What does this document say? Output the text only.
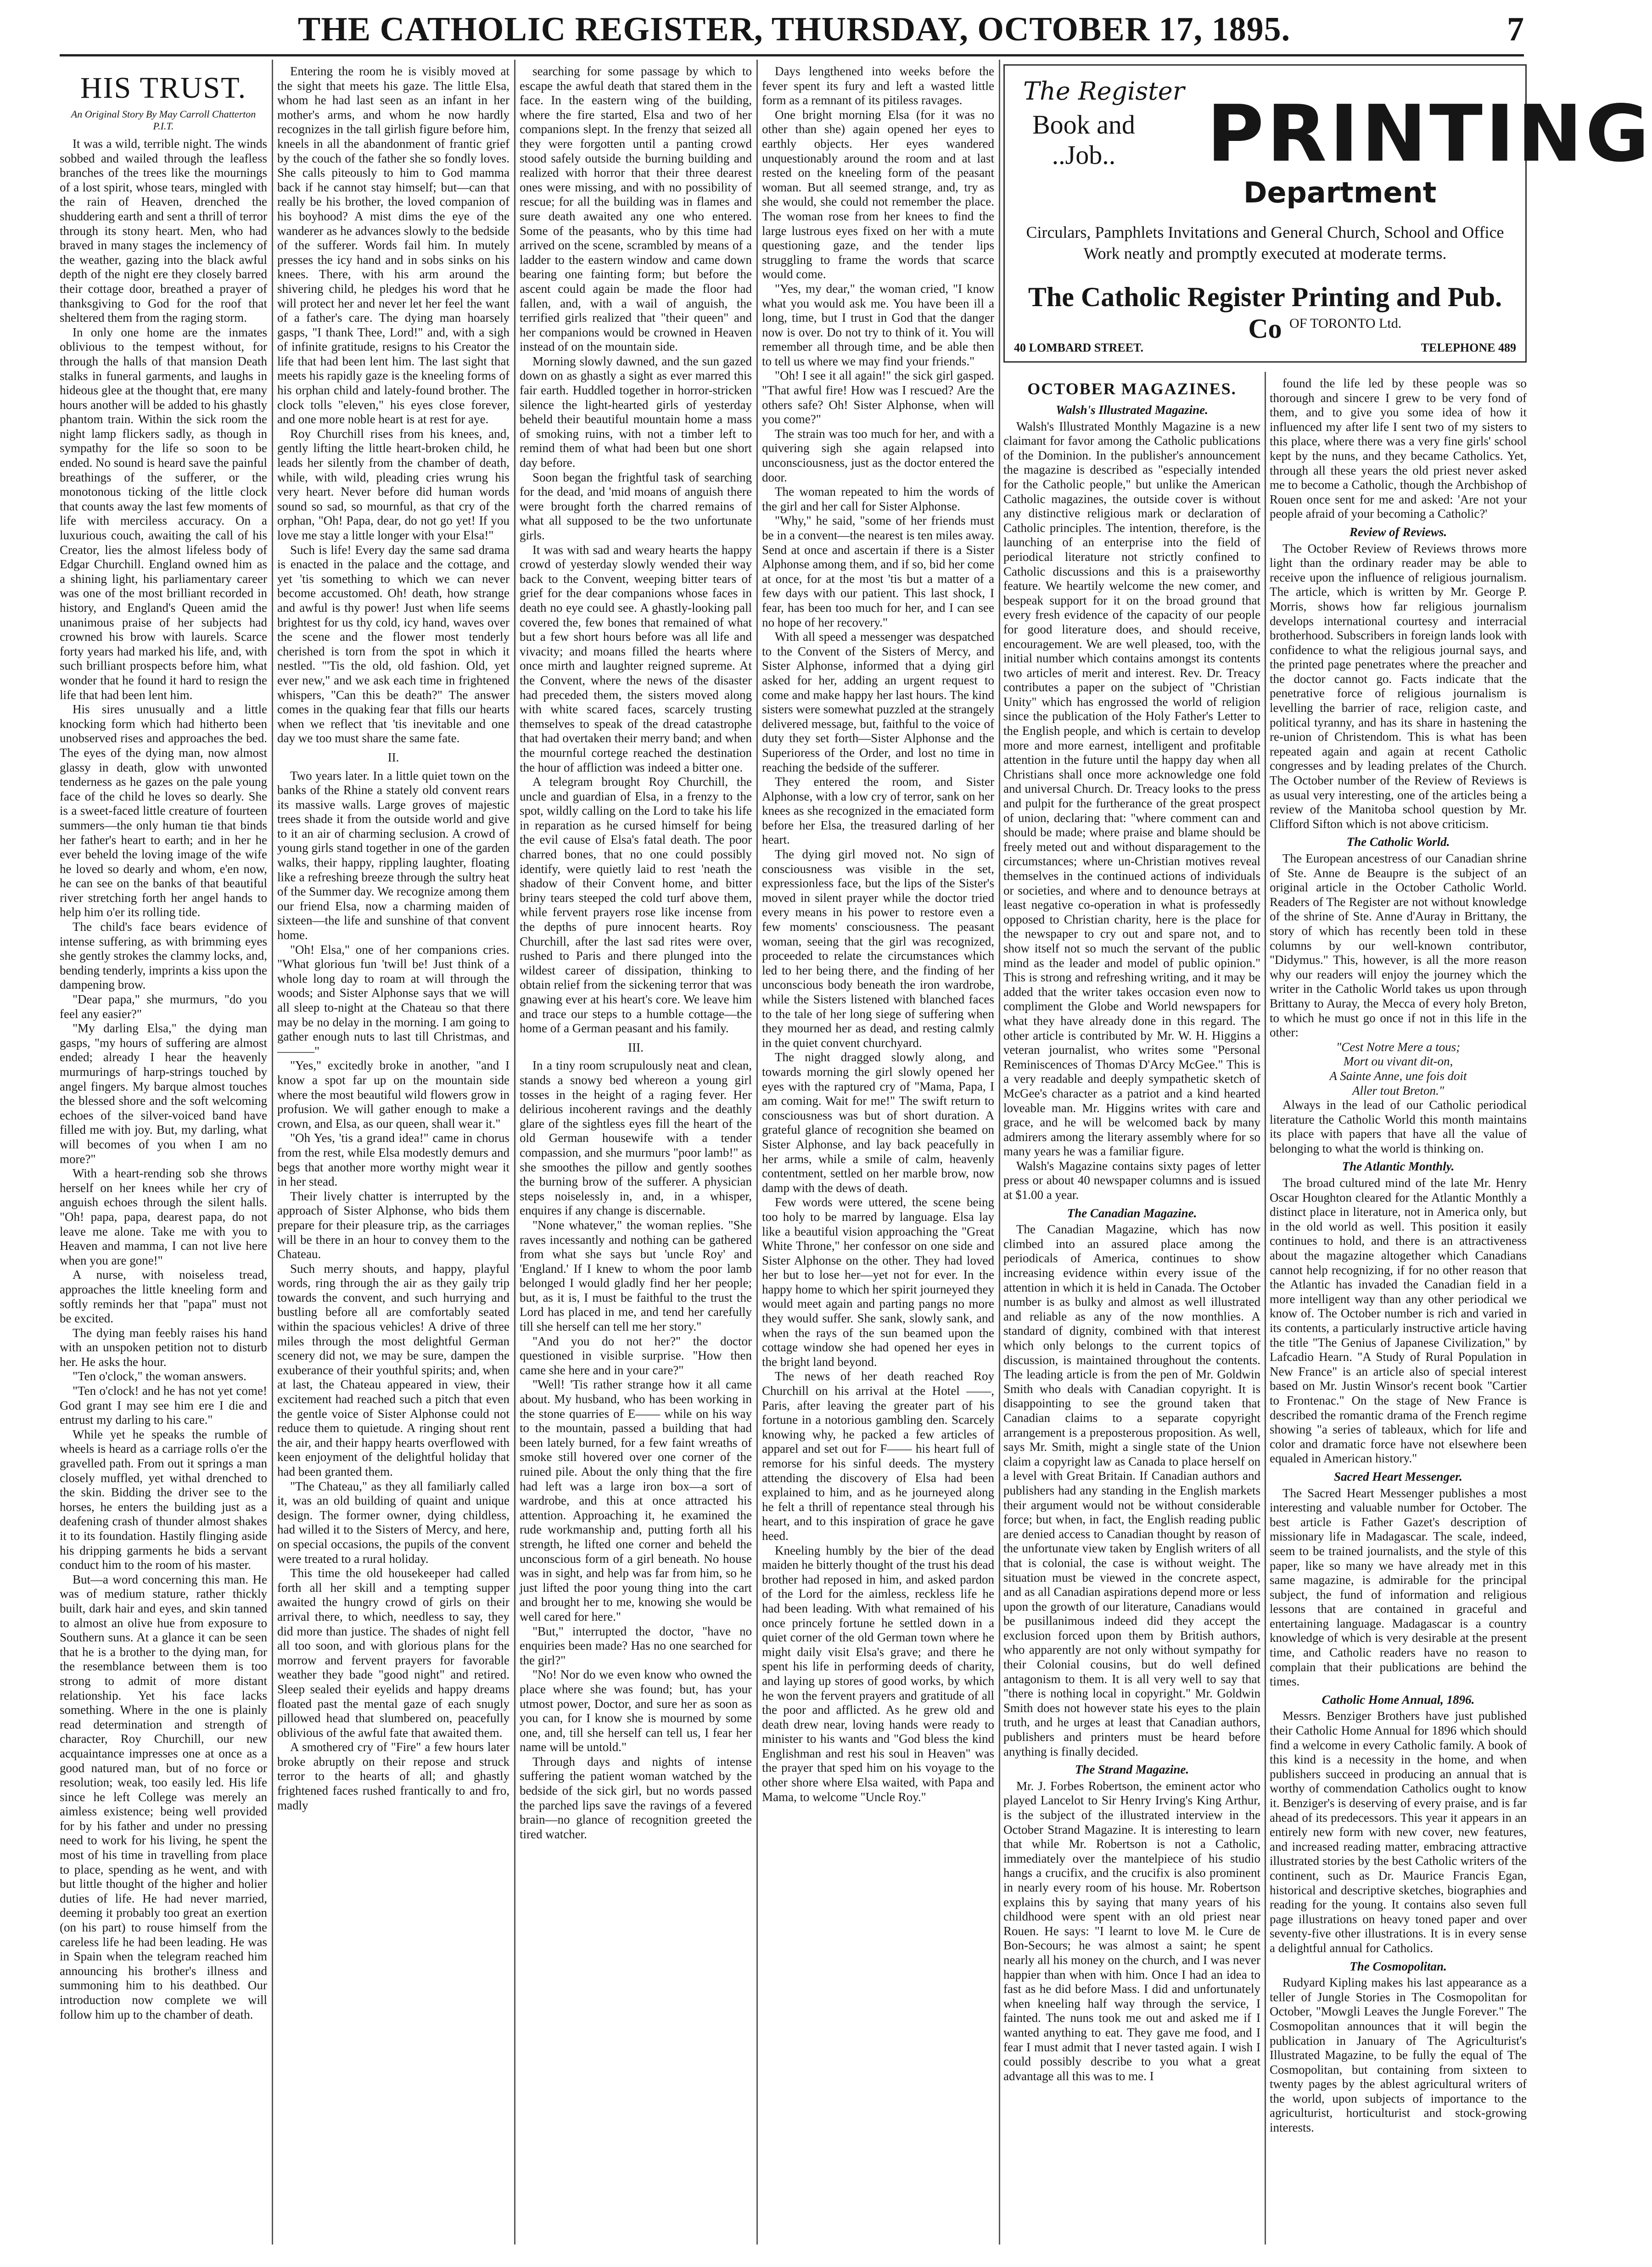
THE CATHOLIC REGISTER, THURSDAY, OCTOBER 17, 1895.	7
HIS TRUST.
An Original Story By May Carroll Chatterton P.I.T.

It was a wild, terrible night. The winds sobbed and wailed through the leafless branches of the trees like the mournings of a lost spirit, whose tears, mingled with the rain of Heaven, drenched the shuddering earth and sent a thrill of terror through its stony heart. Men, who had braved in many stages the inclemency of the weather, gazing into the black awful depth of the night ere they closely barred their cottage door, breathed a prayer of thanksgiving to God for the roof that sheltered them from the raging storm.

In only one home are the inmates oblivious to the tempest without, for through the halls of that mansion Death stalks in funeral garments, and laughs in hideous glee at the thought that, ere many hours another will be added to his ghastly phantom train. Within the sick room the night lamp flickers sadly, as though in sympathy for the life so soon to be ended. No sound is heard save the painful breathings of the sufferer, or the monotonous ticking of the little clock that counts away the last few moments of life with merciless accuracy. On a luxurious couch, awaiting the call of his Creator, lies the almost lifeless body of Edgar Churchill. England owned him as a shining light, his parliamentary career was one of the most brilliant recorded in history, and England's Queen amid the unanimous praise of her subjects had crowned his brow with laurels. Scarce forty years had marked his life, and, with such brilliant prospects before him, what wonder that he found it hard to resign the life that had been lent him.

His sires unusually and a little knocking form which had hitherto been unobserved rises and approaches the bed. The eyes of the dying man, now almost glassy in death, glow with unwonted tenderness as he gazes on the pale young face of the child he loves so dearly. She is a sweet-faced little creature of fourteen summers—the only human tie that binds her father's heart to earth; and in her he ever beheld the loving image of the wife he loved so dearly and whom, e'en now, he can see on the banks of that beautiful river stretching forth her angel hands to help him o'er its rolling tide.

The child's face bears evidence of intense suffering, as with brimming eyes she gently strokes the clammy locks, and, bending tenderly, imprints a kiss upon the dampening brow.

"Dear papa," she murmurs, "do you feel any easier?"

"My darling Elsa," the dying man gasps, "my hours of suffering are almost ended; already I hear the heavenly murmurings of harp-strings touched by angel fingers. My barque almost touches the blessed shore and the soft welcoming echoes of the silver-voiced band have filled me with joy. But, my darling, what will becomes of you when I am no more?"

With a heart-rending sob she throws herself on her knees while her cry of anguish echoes through the silent halls. "Oh! papa, papa, dearest papa, do not leave me alone. Take me with you to Heaven and mamma, I can not live here when you are gone!"

A nurse, with noiseless tread, approaches the little kneeling form and softly reminds her that "papa" must not be excited.

The dying man feebly raises his hand with an unspoken petition not to disturb her. He asks the hour.

"Ten o'clock," the woman answers.

"Ten o'clock! and he has not yet come! God grant I may see him ere I die and entrust my darling to his care."

While yet he speaks the rumble of wheels is heard as a carriage rolls o'er the gravelled path. From out it springs a man closely muffled, yet withal drenched to the skin. Bidding the driver see to the horses, he enters the building just as a deafening crash of thunder almost shakes it to its foundation. Hastily flinging aside his dripping garments he bids a servant conduct him to the room of his master.

But—a word concerning this man. He was of medium stature, rather thickly built, dark hair and eyes, and skin tanned to almost an olive hue from exposure to Southern suns. At a glance it can be seen that he is a brother to the dying man, for the resemblance between them is too strong to admit of more distant relationship. Yet his face lacks something. Where in the one is plainly read determination and strength of character, Roy Churchill, our new acquaintance impresses one at once as a good natured man, but of no force or resolution; weak, too easily led. His life since he left College was merely an aimless existence; being well provided for by his father and under no pressing need to work for his living, he spent the most of his time in travelling from place to place, spending as he went, and with but little thought of the higher and holier duties of life. He had never married, deeming it probably too great an exertion (on his part) to rouse himself from the careless life he had been leading. He was in Spain when the telegram reached him announcing his brother's illness and summoning him to his deathbed. Our introduction now complete we will follow him up to the chamber of death.

Entering the room he is visibly moved at the sight that meets his gaze. The little Elsa, whom he had last seen as an infant in her mother's arms, and whom he now hardly recognizes in the tall girlish figure before him, kneels in all the abandonment of frantic grief by the couch of the father she so fondly loves. She calls piteously to him to God mamma back if he cannot stay himself; but—can that really be his brother, the loved companion of his boyhood? A mist dims the eye of the wanderer as he advances slowly to the bedside of the sufferer. Words fail him. In mutely presses the icy hand and in sobs sinks on his knees. There, with his arm around the shivering child, he pledges his word that he will protect her and never let her feel the want of a father's care. The dying man hoarsely gasps, "I thank Thee, Lord!" and, with a sigh of infinite gratitude, resigns to his Creator the life that had been lent him. The last sight that meets his rapidly gaze is the kneeling forms of his orphan child and lately-found brother. The clock tolls "eleven," his eyes close forever, and one more noble heart is at rest for aye.

Roy Churchill rises from his knees, and, gently lifting the little heart-broken child, he leads her silently from the chamber of death, while, with wild, pleading cries wrung his very heart. Never before did human words sound so sad, so mournful, as that cry of the orphan, "Oh! Papa, dear, do not go yet! If you love me stay a little longer with your Elsa!"

Such is life! Every day the same sad drama is enacted in the palace and the cottage, and yet 'tis something to which we can never become accustomed. Oh! death, how strange and awful is thy power! Just when life seems brightest for us thy cold, icy hand, waves over the scene and the flower most tenderly cherished is torn from the spot in which it nestled. "'Tis the old, old fashion. Old, yet ever new," and we ask each time in frightened whispers, "Can this be death?" The answer comes in the quaking fear that fills our hearts when we reflect that 'tis inevitable and one day we too must share the same fate.

II.

Two years later. In a little quiet town on the banks of the Rhine a stately old convent rears its massive walls. Large groves of majestic trees shade it from the outside world and give to it an air of charming seclusion. A crowd of young girls stand together in one of the garden walks, their happy, rippling laughter, floating like a refreshing breeze through the sultry heat of the Summer day. We recognize among them our friend Elsa, now a charming maiden of sixteen—the life and sunshine of that convent home.

"Oh! Elsa," one of her companions cries. "What glorious fun 'twill be! Just think of a whole long day to roam at will through the woods; and Sister Alphonse says that we will all sleep to-night at the Chateau so that there may be no delay in the morning. I am going to gather enough nuts to last till Christmas, and ———"

"Yes," excitedly broke in another, "and I know a spot far up on the mountain side where the most beautiful wild flowers grow in profusion. We will gather enough to make a crown, and Elsa, as our queen, shall wear it."

"Oh Yes, 'tis a grand idea!" came in chorus from the rest, while Elsa modestly demurs and begs that another more worthy might wear it in her stead.

Their lively chatter is interrupted by the approach of Sister Alphonse, who bids them prepare for their pleasure trip, as the carriages will be there in an hour to convey them to the Chateau.

Such merry shouts, and happy, playful words, ring through the air as they gaily trip towards the convent, and such hurrying and bustling before all are comfortably seated within the spacious vehicles! A drive of three miles through the most delightful German scenery did not, we may be sure, dampen the exuberance of their youthful spirits; and, when at last, the Chateau appeared in view, their excitement had reached such a pitch that even the gentle voice of Sister Alphonse could not reduce them to quietude. A ringing shout rent the air, and their happy hearts overflowed with keen enjoyment of the delightful holiday that had been granted them.

"The Chateau," as they all familiarly called it, was an old building of quaint and unique design. The former owner, dying childless, had willed it to the Sisters of Mercy, and here, on special occasions, the pupils of the convent were treated to a rural holiday.

This time the old housekeeper had called forth all her skill and a tempting supper awaited the hungry crowd of girls on their arrival there, to which, needless to say, they did more than justice. The shades of night fell all too soon, and with glorious plans for the morrow and fervent prayers for favorable weather they bade "good night" and retired. Sleep sealed their eyelids and happy dreams floated past the mental gaze of each snugly pillowed head that slumbered on, peacefully oblivious of the awful fate that awaited them.

A smothered cry of "Fire" a few hours later broke abruptly on their repose and struck terror to the hearts of all; and ghastly frightened faces rushed frantically to and fro, madly

searching for some passage by which to escape the awful death that stared them in the face. In the eastern wing of the building, where the fire started, Elsa and two of her companions slept. In the frenzy that seized all they were forgotten until a panting crowd stood safely outside the burning building and realized with horror that their three dearest ones were missing, and with no possibility of rescue; for all the building was in flames and sure death awaited any one who entered. Some of the peasants, who by this time had arrived on the scene, scrambled by means of a ladder to the eastern window and came down bearing one fainting form; but before the ascent could again be made the floor had fallen, and, with a wail of anguish, the terrified girls realized that "their queen" and her companions would be crowned in Heaven instead of on the mountain side.

Morning slowly dawned, and the sun gazed down on as ghastly a sight as ever marred this fair earth. Huddled together in horror-stricken silence the light-hearted girls of yesterday beheld their beautiful mountain home a mass of smoking ruins, with not a timber left to remind them of what had been but one short day before.

Soon began the frightful task of searching for the dead, and 'mid moans of anguish there were brought forth the charred remains of what all supposed to be the two unfortunate girls.

It was with sad and weary hearts the happy crowd of yesterday slowly wended their way back to the Convent, weeping bitter tears of grief for the dear companions whose faces in death no eye could see. A ghastly-looking pall covered the, few bones that remained of what but a few short hours before was all life and vivacity; and moans filled the hearts where once mirth and laughter reigned supreme. At the Convent, where the news of the disaster had preceded them, the sisters moved along with white scared faces, scarcely trusting themselves to speak of the dread catastrophe that had overtaken their merry band; and when the mournful cortege reached the destination the hour of affliction was indeed a bitter one.

A telegram brought Roy Churchill, the uncle and guardian of Elsa, in a frenzy to the spot, wildly calling on the Lord to take his life in reparation as he cursed himself for being the evil cause of Elsa's fatal death. The poor charred bones, that no one could possibly identify, were quietly laid to rest 'neath the shadow of their Convent home, and bitter briny tears steeped the cold turf above them, while fervent prayers rose like incense from the depths of pure innocent hearts. Roy Churchill, after the last sad rites were over, rushed to Paris and there plunged into the wildest career of dissipation, thinking to obtain relief from the sickening terror that was gnawing ever at his heart's core. We leave him and trace our steps to a humble cottage—the home of a German peasant and his family.

III.

In a tiny room scrupulously neat and clean, stands a snowy bed whereon a young girl tosses in the height of a raging fever. Her delirious incoherent ravings and the deathly glare of the sightless eyes fill the heart of the old German housewife with a tender compassion, and she murmurs "poor lamb!" as she smoothes the pillow and gently soothes the burning brow of the sufferer. A physician steps noiselessly in, and, in a whisper, enquires if any change is discernable.

"None whatever," the woman replies. "She raves incessantly and nothing can be gathered from what she says but 'uncle Roy' and 'England.' If I knew to whom the poor lamb belonged I would gladly find her her people; but, as it is, I must be faithful to the trust the Lord has placed in me, and tend her carefully till she herself can tell me her story."

"And you do not her?" the doctor questioned in visible surprise. "How then came she here and in your care?"

"Well! 'Tis rather strange how it all came about. My husband, who has been working in the stone quarries of E—— while on his way to the mountain, passed a building that had been lately burned, for a few faint wreaths of smoke still hovered over one corner of the ruined pile. About the only thing that the fire had left was a large iron box—a sort of wardrobe, and this at once attracted his attention. Approaching it, he examined the rude workmanship and, putting forth all his strength, he lifted one corner and beheld the unconscious form of a girl beneath. No house was in sight, and help was far from him, so he just lifted the poor young thing into the cart and brought her to me, knowing she would be well cared for here."

"But," interrupted the doctor, "have no enquiries been made? Has no one searched for the girl?"

"No! Nor do we even know who owned the place where she was found; but, has your utmost power, Doctor, and sure her as soon as you can, for I know she is mourned by some one, and, till she herself can tell us, I fear her name will be untold."

Through days and nights of intense suffering the patient woman watched by the bedside of the sick girl, but no words passed the parched lips save the ravings of a fevered brain—no glance of recognition greeted the tired watcher.

Days lengthened into weeks before the fever spent its fury and left a wasted little form as a remnant of its pitiless ravages.

One bright morning Elsa (for it was no other than she) again opened her eyes to earthly objects. Her eyes wandered unquestionably around the room and at last rested on the kneeling form of the peasant woman. But all seemed strange, and, try as she would, she could not remember the place. The woman rose from her knees to find the large lustrous eyes fixed on her with a mute questioning gaze, and the tender lips struggling to frame the words that scarce would come.

"Yes, my dear," the woman cried, "I know what you would ask me. You have been ill a long, time, but I trust in God that the danger now is over. Do not try to think of it. You will remember all through time, and be able then to tell us where we may find your friends."

"Oh! I see it all again!" the sick girl gasped. "That awful fire! How was I rescued? Are the others safe? Oh! Sister Alphonse, when will you come?"

The strain was too much for her, and with a quivering sigh she again relapsed into unconsciousness, just as the doctor entered the door.

The woman repeated to him the words of the girl and her call for Sister Alphonse.

"Why," he said, "some of her friends must be in a convent—the nearest is ten miles away. Send at once and ascertain if there is a Sister Alphonse among them, and if so, bid her come at once, for at the most 'tis but a matter of a few days with our patient. This last shock, I fear, has been too much for her, and I can see no hope of her recovery."

With all speed a messenger was despatched to the Convent of the Sisters of Mercy, and Sister Alphonse, informed that a dying girl asked for her, adding an urgent request to come and make happy her last hours. The kind sisters were somewhat puzzled at the strangely delivered message, but, faithful to the voice of duty they set forth—Sister Alphonse and the Superioress of the Order, and lost no time in reaching the bedside of the sufferer.

They entered the room, and Sister Alphonse, with a low cry of terror, sank on her knees as she recognized in the emaciated form before her Elsa, the treasured darling of her heart.

The dying girl moved not. No sign of consciousness was visible in the set, expressionless face, but the lips of the Sister's moved in silent prayer while the doctor tried every means in his power to restore even a few moments' consciousness. The peasant woman, seeing that the girl was recognized, proceeded to relate the circumstances which led to her being there, and the finding of her unconscious body beneath the iron wardrobe, while the Sisters listened with blanched faces to the tale of her long siege of suffering when they mourned her as dead, and resting calmly in the quiet convent churchyard.

The night dragged slowly along, and towards morning the girl slowly opened her eyes with the raptured cry of "Mama, Papa, I am coming. Wait for me!" The swift return to consciousness was but of short duration. A grateful glance of recognition she beamed on Sister Alphonse, and lay back peacefully in her arms, while a smile of calm, heavenly contentment, settled on her marble brow, now damp with the dews of death.

Few words were uttered, the scene being too holy to be marred by language. Elsa lay like a beautiful vision approaching the "Great White Throne," her confessor on one side and Sister Alphonse on the other. They had loved her but to lose her—yet not for ever. In the happy home to which her spirit journeyed they would meet again and parting pangs no more they would suffer. She sank, slowly sank, and when the rays of the sun beamed upon the cottage window she had opened her eyes in the bright land beyond.

The news of her death reached Roy Churchill on his arrival at the Hotel ——, Paris, after leaving the greater part of his fortune in a notorious gambling den. Scarcely knowing why, he packed a few articles of apparel and set out for F—— his heart full of remorse for his sinful deeds. The mystery attending the discovery of Elsa had been explained to him, and as he journeyed along he felt a thrill of repentance steal through his heart, and to this inspiration of grace he gave heed.

Kneeling humbly by the bier of the dead maiden he bitterly thought of the trust his dead brother had reposed in him, and asked pardon of the Lord for the aimless, reckless life he had been leading. With what remained of his once princely fortune he settled down in a quiet corner of the old German town where he might daily visit Elsa's grave; and there he spent his life in performing deeds of charity, and laying up stores of good works, by which he won the fervent prayers and gratitude of all the poor and afflicted. As he grew old and death drew near, loving hands were ready to minister to his wants and "God bless the kind Englishman and rest his soul in Heaven" was the prayer that sped him on his voyage to the other shore where Elsa waited, with Papa and Mama, to welcome "Uncle Roy."

The Register
Book and
..Job.. PRINTING
Department
Circulars, Pamphlets Invitations and General Church, School and Office Work neatly and promptly executed at moderate terms.
The Catholic Register Printing and Pub. Co OF TORONTO Ltd.
40 LOMBARD STREET.	TELEPHONE 489
OCTOBER MAGAZINES.

Walsh's Illustrated Magazine.

Walsh's Illustrated Monthly Magazine is a new claimant for favor among the Catholic publications of the Dominion. In the publisher's announcement the magazine is described as "especially intended for the Catholic people," but unlike the American Catholic magazines, the outside cover is without any distinctive religious mark or declaration of Catholic principles. The intention, therefore, is the launching of an enterprise into the field of periodical literature not strictly confined to Catholic discussions and this is a praiseworthy feature. We heartily welcome the new comer, and bespeak support for it on the broad ground that every fresh evidence of the capacity of our people for good literature does, and should receive, encouragement. We are well pleased, too, with the initial number which contains amongst its contents two articles of merit and interest. Rev. Dr. Treacy contributes a paper on the subject of "Christian Unity" which has engrossed the world of religion since the publication of the Holy Father's Letter to the English people, and which is certain to develop more and more earnest, intelligent and profitable attention in the future until the happy day when all Christians shall once more acknowledge one fold and universal Church. Dr. Treacy looks to the press and pulpit for the furtherance of the great prospect of union, declaring that: "where comment can and should be made; where praise and blame should be freely meted out and without disparagement to the circumstances; where un-Christian motives reveal themselves in the continued actions of individuals or societies, and where and to denounce betrays at least negative co-operation in what is professedly opposed to Christian charity, here is the place for the newspaper to cry out and spare not, and to show itself not so much the servant of the public mind as the leader and model of public opinion." This is strong and refreshing writing, and it may be added that the writer takes occasion even now to compliment the Globe and World newspapers for what they have already done in this regard. The other article is contributed by Mr. W. H. Higgins a veteran journalist, who writes some "Personal Reminiscences of Thomas D'Arcy McGee." This is a very readable and deeply sympathetic sketch of McGee's character as a patriot and a kind hearted loveable man. Mr. Higgins writes with care and grace, and he will be welcomed back by many admirers among the literary assembly where for so many years he was a familiar figure.

Walsh's Magazine contains sixty pages of letter press or about 40 newspaper columns and is issued at $1.00 a year.

The Canadian Magazine.

The Canadian Magazine, which has now climbed into an assured place among the periodicals of America, continues to show increasing evidence within every issue of the attention in which it is held in Canada. The October number is as bulky and almost as well illustrated and reliable as any of the now monthlies. A standard of dignity, combined with that interest which only belongs to the current topics of discussion, is maintained throughout the contents. The leading article is from the pen of Mr. Goldwin Smith who deals with Canadian copyright. It is disappointing to see the ground taken that Canadian claims to a separate copyright arrangement is a preposterous proposition. As well, says Mr. Smith, might a single state of the Union claim a copyright law as Canada to place herself on a level with Great Britain. If Canadian authors and publishers had any standing in the English markets their argument would not be without considerable force; but when, in fact, the English reading public are denied access to Canadian thought by reason of the unfortunate view taken by English writers of all that is colonial, the case is without weight. The situation must be viewed in the concrete aspect, and as all Canadian aspirations depend more or less upon the growth of our literature, Canadians would be pusillanimous indeed did they accept the exclusion forced upon them by British authors, who apparently are not only without sympathy for their Colonial cousins, but do well defined antagonism to them. It is all very well to say that "there is nothing local in copyright." Mr. Goldwin Smith does not however state his eyes to the plain truth, and he urges at least that Canadian authors, publishers and printers must be heard before anything is finally decided.

The Strand Magazine.

Mr. J. Forbes Robertson, the eminent actor who played Lancelot to Sir Henry Irving's King Arthur, is the subject of the illustrated interview in the October Strand Magazine. It is interesting to learn that while Mr. Robertson is not a Catholic, immediately over the mantelpiece of his studio hangs a crucifix, and the crucifix is also prominent in nearly every room of his house. Mr. Robertson explains this by saying that many years of his childhood were spent with an old priest near Rouen. He says: "I learnt to love M. le Cure de Bon-Secours; he was almost a saint; he spent nearly all his money on the church, and I was never happier than when with him. Once I had an idea to fast as he did before Mass. I did and unfortunately when kneeling half way through the service, I fainted. The nuns took me out and asked me if I wanted anything to eat. They gave me food, and I fear I must admit that I never tasted again. I wish I could possibly describe to you what a great advantage all this was to me. I

found the life led by these people was so thorough and sincere I grew to be very fond of them, and to give you some idea of how it influenced my after life I sent two of my sisters to this place, where there was a very fine girls' school kept by the nuns, and they became Catholics. Yet, through all these years the old priest never asked me to become a Catholic, though the Archbishop of Rouen once sent for me and asked: 'Are not your people afraid of your becoming a Catholic?'

Review of Reviews.

The October Review of Reviews throws more light than the ordinary reader may be able to receive upon the influence of religious journalism. The article, which is written by Mr. George P. Morris, shows how far religious journalism develops international courtesy and interracial brotherhood. Subscribers in foreign lands look with confidence to what the religious journal says, and the printed page penetrates where the preacher and the doctor cannot go. Facts indicate that the penetrative force of religious journalism is levelling the barrier of race, religion caste, and political tyranny, and has its share in hastening the re-union of Christendom. This is what has been repeated again and again at recent Catholic congresses and by leading prelates of the Church. The October number of the Review of Reviews is as usual very interesting, one of the articles being a review of the Manitoba school question by Mr. Clifford Sifton which is not above criticism.

The Catholic World.

The European ancestress of our Canadian shrine of Ste. Anne de Beaupre is the subject of an original article in the October Catholic World. Readers of The Register are not without knowledge of the shrine of Ste. Anne d'Auray in Brittany, the story of which has recently been told in these columns by our well-known contributor, "Didymus." This, however, is all the more reason why our readers will enjoy the journey which the writer in the Catholic World takes us upon through Brittany to Auray, the Mecca of every holy Breton, to which he must go once if not in this life in the other:

"Cest Notre Mere a tous;

Mort ou vivant dit-on,

A Sainte Anne, une fois doit

Aller tout Breton."

Always in the lead of our Catholic periodical literature the Catholic World this month maintains its place with papers that have all the value of belonging to what the world is thinking on.

The Atlantic Monthly.

The broad cultured mind of the late Mr. Henry Oscar Houghton cleared for the Atlantic Monthly a distinct place in literature, not in America only, but in the old world as well. This position it easily continues to hold, and there is an attractiveness about the magazine altogether which Canadians cannot help recognizing, if for no other reason that the Atlantic has invaded the Canadian field in a more intelligent way than any other periodical we know of. The October number is rich and varied in its contents, a particularly instructive article having the title "The Genius of Japanese Civilization," by Lafcadio Hearn. "A Study of Rural Population in New France" is an article also of special interest based on Mr. Justin Winsor's recent book "Cartier to Frontenac." On the stage of New France is described the romantic drama of the French regime showing "a series of tableaux, which for life and color and dramatic force have not elsewhere been equaled in American history."

Sacred Heart Messenger.

The Sacred Heart Messenger publishes a most interesting and valuable number for October. The best article is Father Gazet's description of missionary life in Madagascar. The scale, indeed, seem to be trained journalists, and the style of this paper, like so many we have already met in this same magazine, is admirable for the principal subject, the fund of information and religious lessons that are contained in graceful and entertaining language. Madagascar is a country knowledge of which is very desirable at the present time, and Catholic readers have no reason to complain that their publications are behind the times.

Catholic Home Annual, 1896.

Messrs. Benziger Brothers have just published their Catholic Home Annual for 1896 which should find a welcome in every Catholic family. A book of this kind is a necessity in the home, and when publishers succeed in producing an annual that is worthy of commendation Catholics ought to know it. Benziger's is deserving of every praise, and is far ahead of its predecessors. This year it appears in an entirely new form with new cover, new features, and increased reading matter, embracing attractive illustrated stories by the best Catholic writers of the continent, such as Dr. Maurice Francis Egan, historical and descriptive sketches, biographies and reading for the young. It contains also seven full page illustrations on heavy toned paper and over seventy-five other illustrations. It is in every sense a delightful annual for Catholics.

The Cosmopolitan.

Rudyard Kipling makes his last appearance as a teller of Jungle Stories in The Cosmopolitan for October, "Mowgli Leaves the Jungle Forever." The Cosmopolitan announces that it will begin the publication in January of The Agriculturist's Illustrated Magazine, to be fully the equal of The Cosmopolitan, but containing from sixteen to twenty pages by the ablest agricultural writers of the world, upon subjects of importance to the agriculturist, horticulturist and stock-growing interests.
